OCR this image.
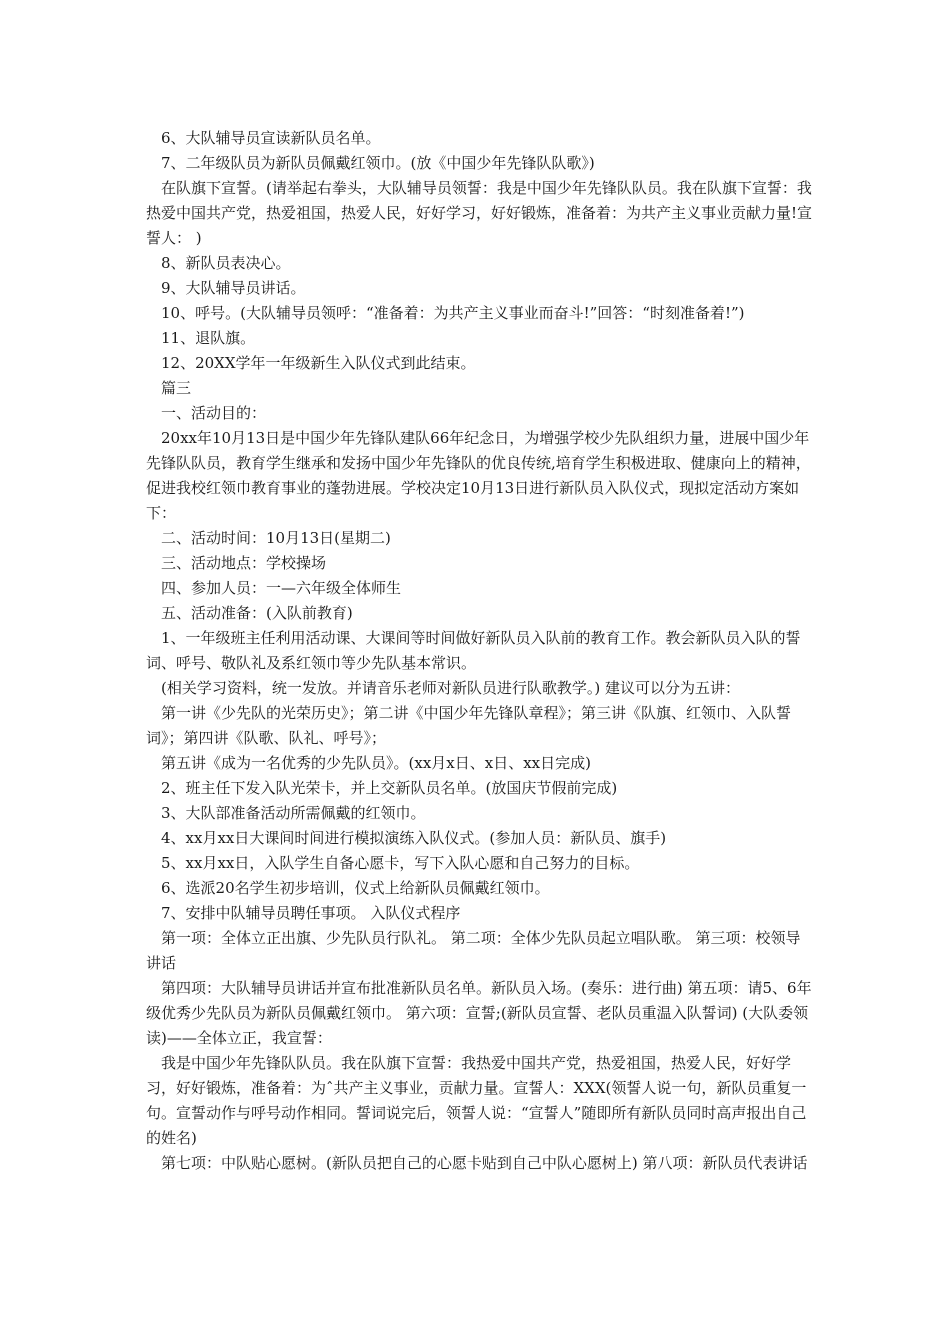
6、大队辅导员宣读新队员名单。

7、二年级队员为新队员佩戴红领巾。(放《中国少年先锋队队歌》)

在队旗下宣誓。(请举起右拳头，大队辅导员领誓：我是中国少年先锋队队员。我在队旗下宣誓：我热爱中国共产党，热爱祖国，热爱人民，好好学习，好好锻炼，准备着：为共产主义事业贡献力量!宣誓人： )

8、新队员表决心。

9、大队辅导员讲话。

10、呼号。(大队辅导员领呼：“准备着：为共产主义事业而奋斗!”回答：“时刻准备着!”)

11、退队旗。

12、20XX学年一年级新生入队仪式到此结束。

篇三

一、活动目的：

20xx年10月13日是中国少年先锋队建队66年纪念日，为增强学校少先队组织力量，进展中国少年先锋队队员，教育学生继承和发扬中国少年先锋队的优良传统,培育学生积极进取、健康向上的精神，促进我校红领巾教育事业的蓬勃进展。学校决定10月13日进行新队员入队仪式，现拟定活动方案如下：

二、活动时间：10月13日(星期二)

三、活动地点：学校操场

四、参加人员：一—六年级全体师生

五、活动准备：(入队前教育)

1、一年级班主任利用活动课、大课间等时间做好新队员入队前的教育工作。教会新队员入队的誓词、呼号、敬队礼及系红领巾等少先队基本常识。

(相关学习资料，统一发放。并请音乐老师对新队员进行队歌教学。) 建议可以分为五讲：

第一讲《少先队的光荣历史》；第二讲《中国少年先锋队章程》；第三讲《队旗、红领巾、入队誓词》；第四讲《队歌、队礼、呼号》；

第五讲《成为一名优秀的少先队员》。(xx月x日、x日、xx日完成)

2、班主任下发入队光荣卡，并上交新队员名单。(放国庆节假前完成)

3、大队部准备活动所需佩戴的红领巾。

4、xx月xx日大课间时间进行模拟演练入队仪式。(参加人员：新队员、旗手)

5、xx月xx日，入队学生自备心愿卡，写下入队心愿和自己努力的目标。

6、选派20名学生初步培训，仪式上给新队员佩戴红领巾。

7、安排中队辅导员聘任事项。 入队仪式程序

第一项：全体立正出旗、少先队员行队礼。 第二项：全体少先队员起立唱队歌。 第三项：校领导讲话

第四项：大队辅导员讲话并宣布批准新队员名单。新队员入场。(奏乐：进行曲) 第五项：请5、6年级优秀少先队员为新队员佩戴红领巾。 第六项：宣誓;(新队员宣誓、老队员重温入队誓词) (大队委领读)——全体立正，我宣誓：

我是中国少年先锋队队员。我在队旗下宣誓：我热爱中国共产党，热爱祖国，热爱人民，好好学习，好好锻炼，准备着：为ˆ共产主义事业，贡献力量。宣誓人：XXX(领誓人说一句，新队员重复一句。宣誓动作与呼号动作相同。誓词说完后，领誓人说：“宣誓人”随即所有新队员同时高声报出自己的姓名)

第七项：中队贴心愿树。(新队员把自己的心愿卡贴到自己中队心愿树上) 第八项：新队员代表讲话
